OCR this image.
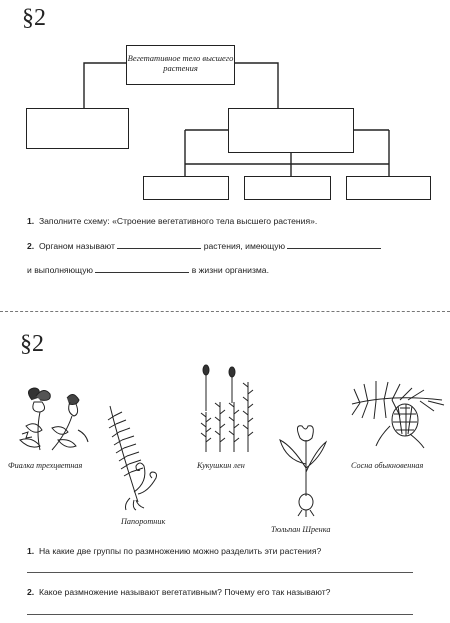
§2
Вегетативное тело высшего растения
1. Заполните схему: «Строение вегетативного тела высшего растения».
2. Органом называют	растения, имеющую
и выполняющую	в жизни организма.
§2
Фиалка трехцветная
Папоротник
Кукушкин лен
Тюльпан Шренка
Сосна обыкновенная
1. На какие две группы по размножению можно разделить эти растения?
2. Какое размножение называют вегетативным? Почему его так называют?
